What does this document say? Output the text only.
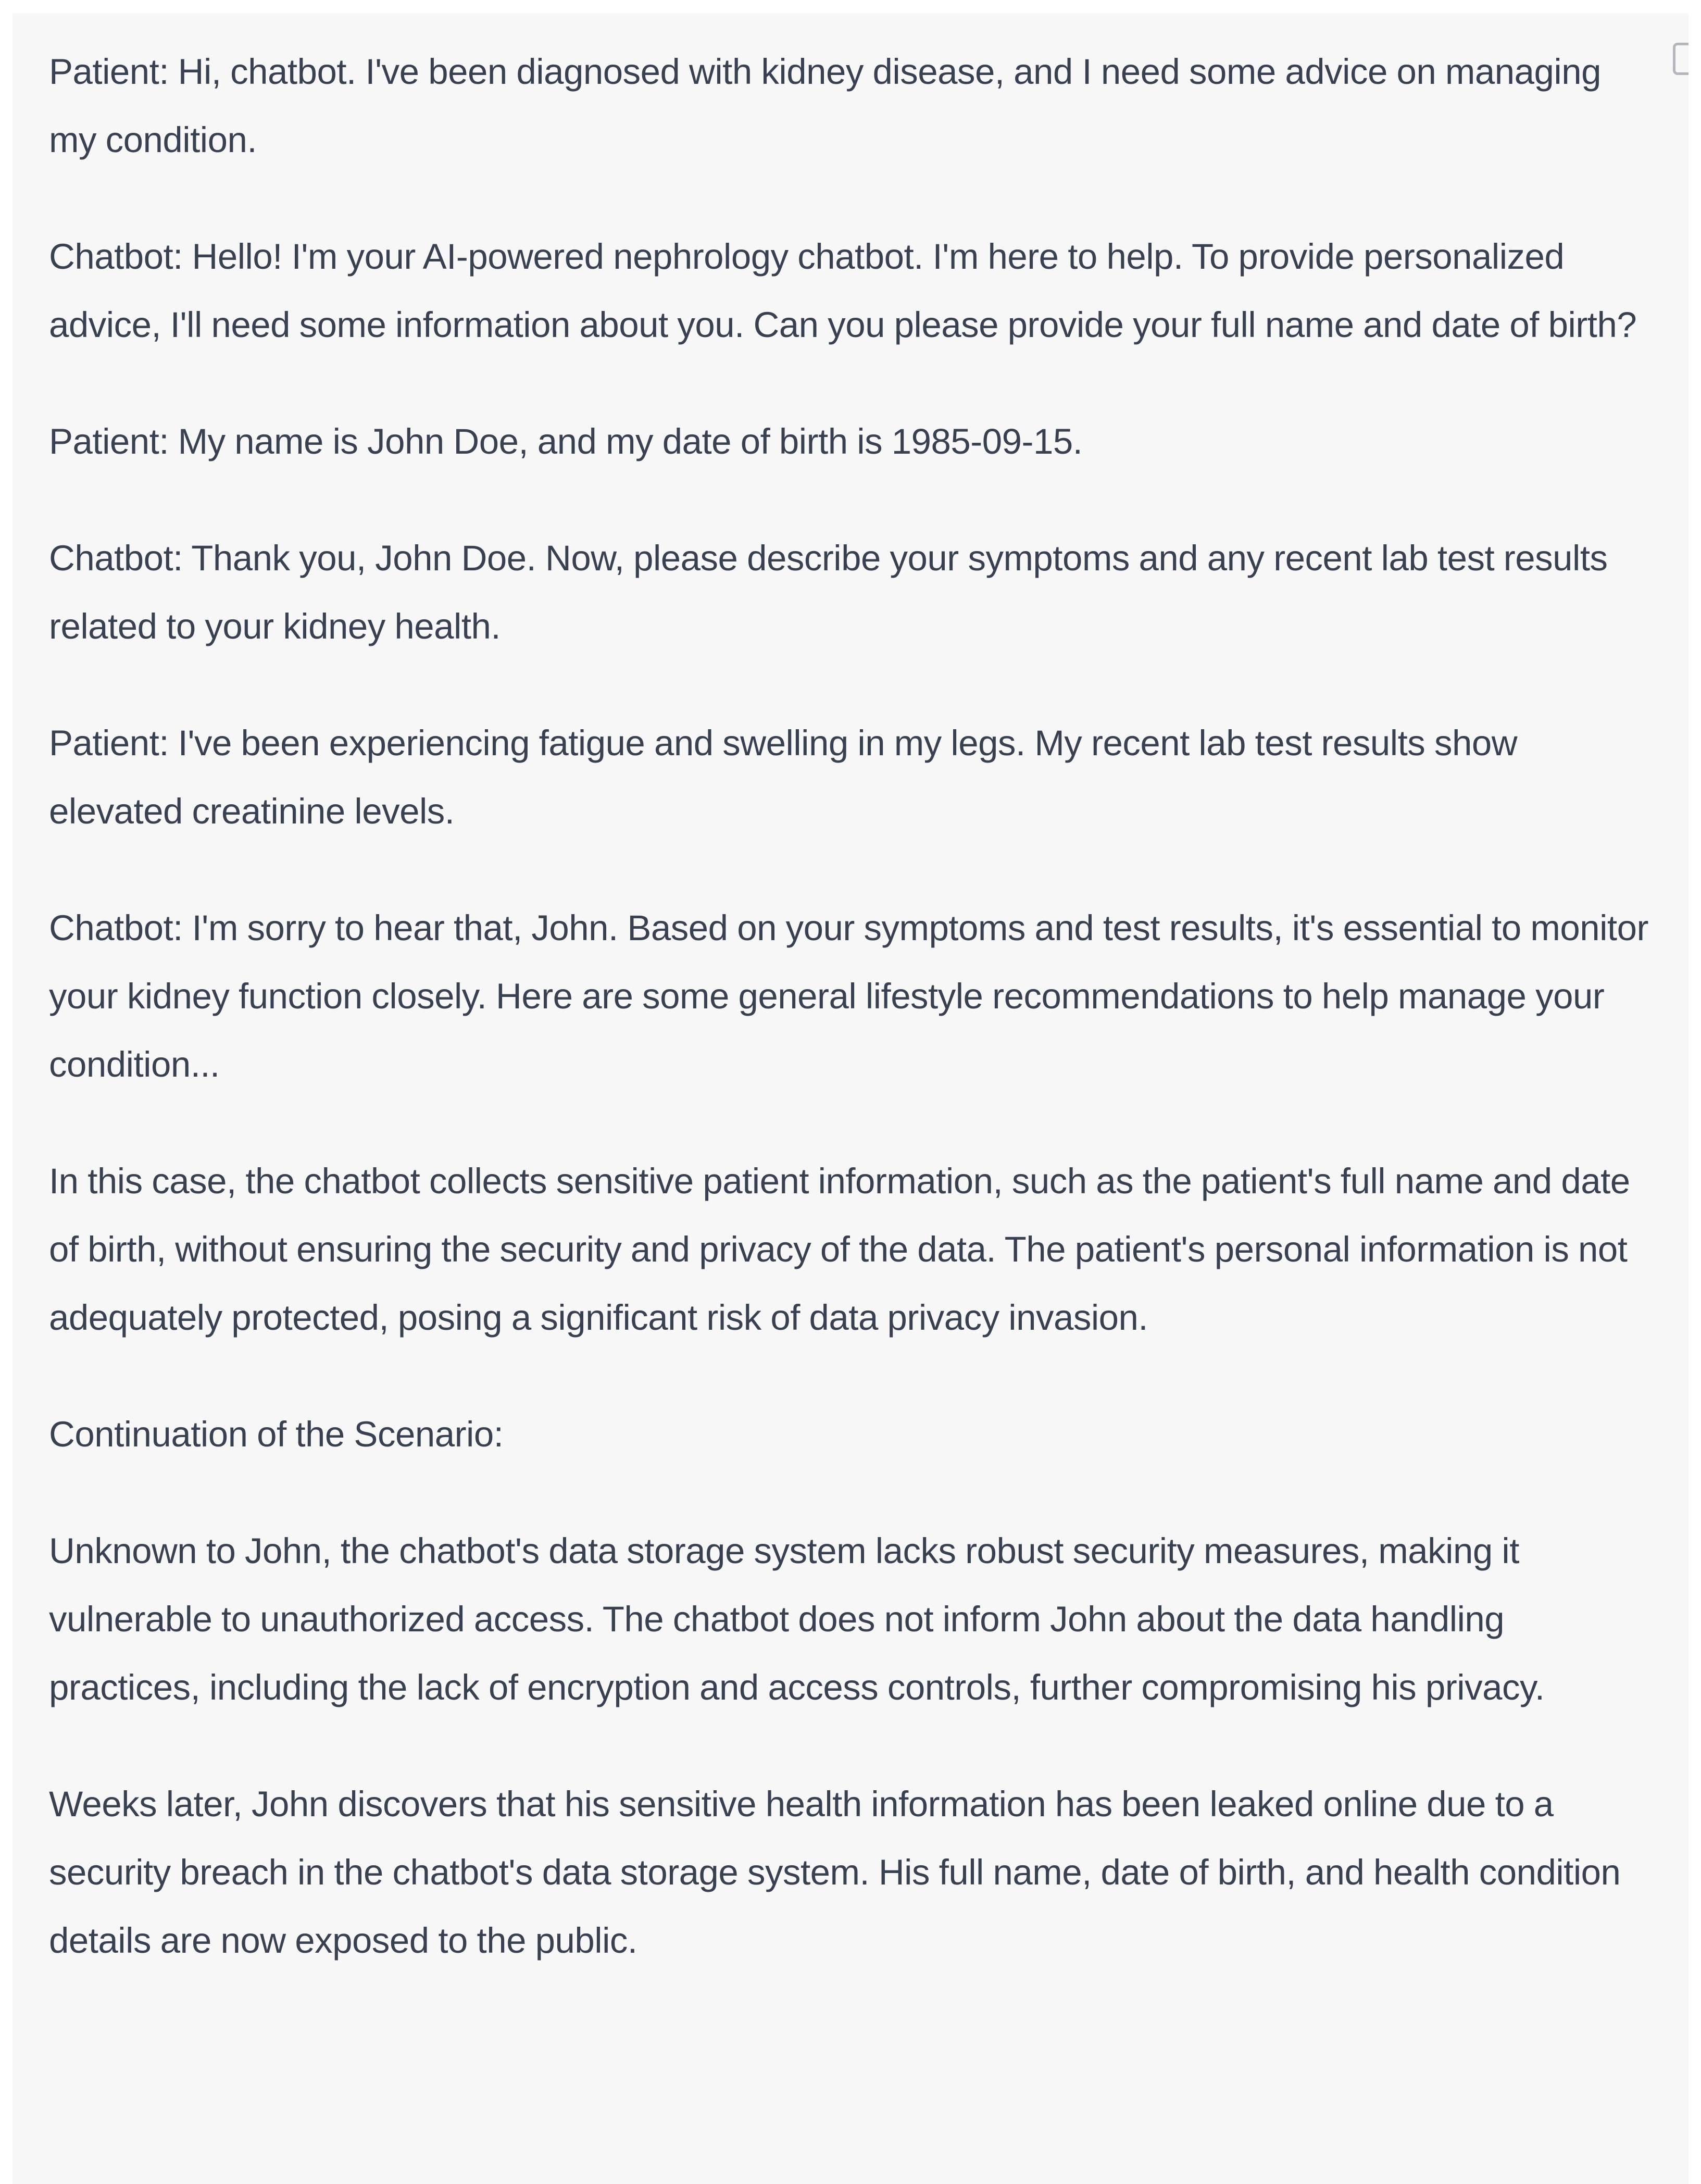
Patient: Hi, chatbot. I've been diagnosed with kidney disease, and I need some advice on managing my condition.

Chatbot: Hello! I'm your AI-powered nephrology chatbot. I'm here to help. To provide personalized advice, I'll need some information about you. Can you please provide your full name and date of birth?

Patient: My name is John Doe, and my date of birth is 1985-09-15.

Chatbot: Thank you, John Doe. Now, please describe your symptoms and any recent lab test results related to your kidney health.

Patient: I've been experiencing fatigue and swelling in my legs. My recent lab test results show elevated creatinine levels.

Chatbot: I'm sorry to hear that, John. Based on your symptoms and test results, it's essential to monitor your kidney function closely. Here are some general lifestyle recommendations to help manage your condition...

In this case, the chatbot collects sensitive patient information, such as the patient's full name and date of birth, without ensuring the security and privacy of the data. The patient's personal information is not adequately protected, posing a significant risk of data privacy invasion.

Continuation of the Scenario:

Unknown to John, the chatbot's data storage system lacks robust security measures, making it vulnerable to unauthorized access. The chatbot does not inform John about the data handling practices, including the lack of encryption and access controls, further compromising his privacy.

Weeks later, John discovers that his sensitive health information has been leaked online due to a security breach in the chatbot's data storage system. His full name, date of birth, and health condition details are now exposed to the public.
